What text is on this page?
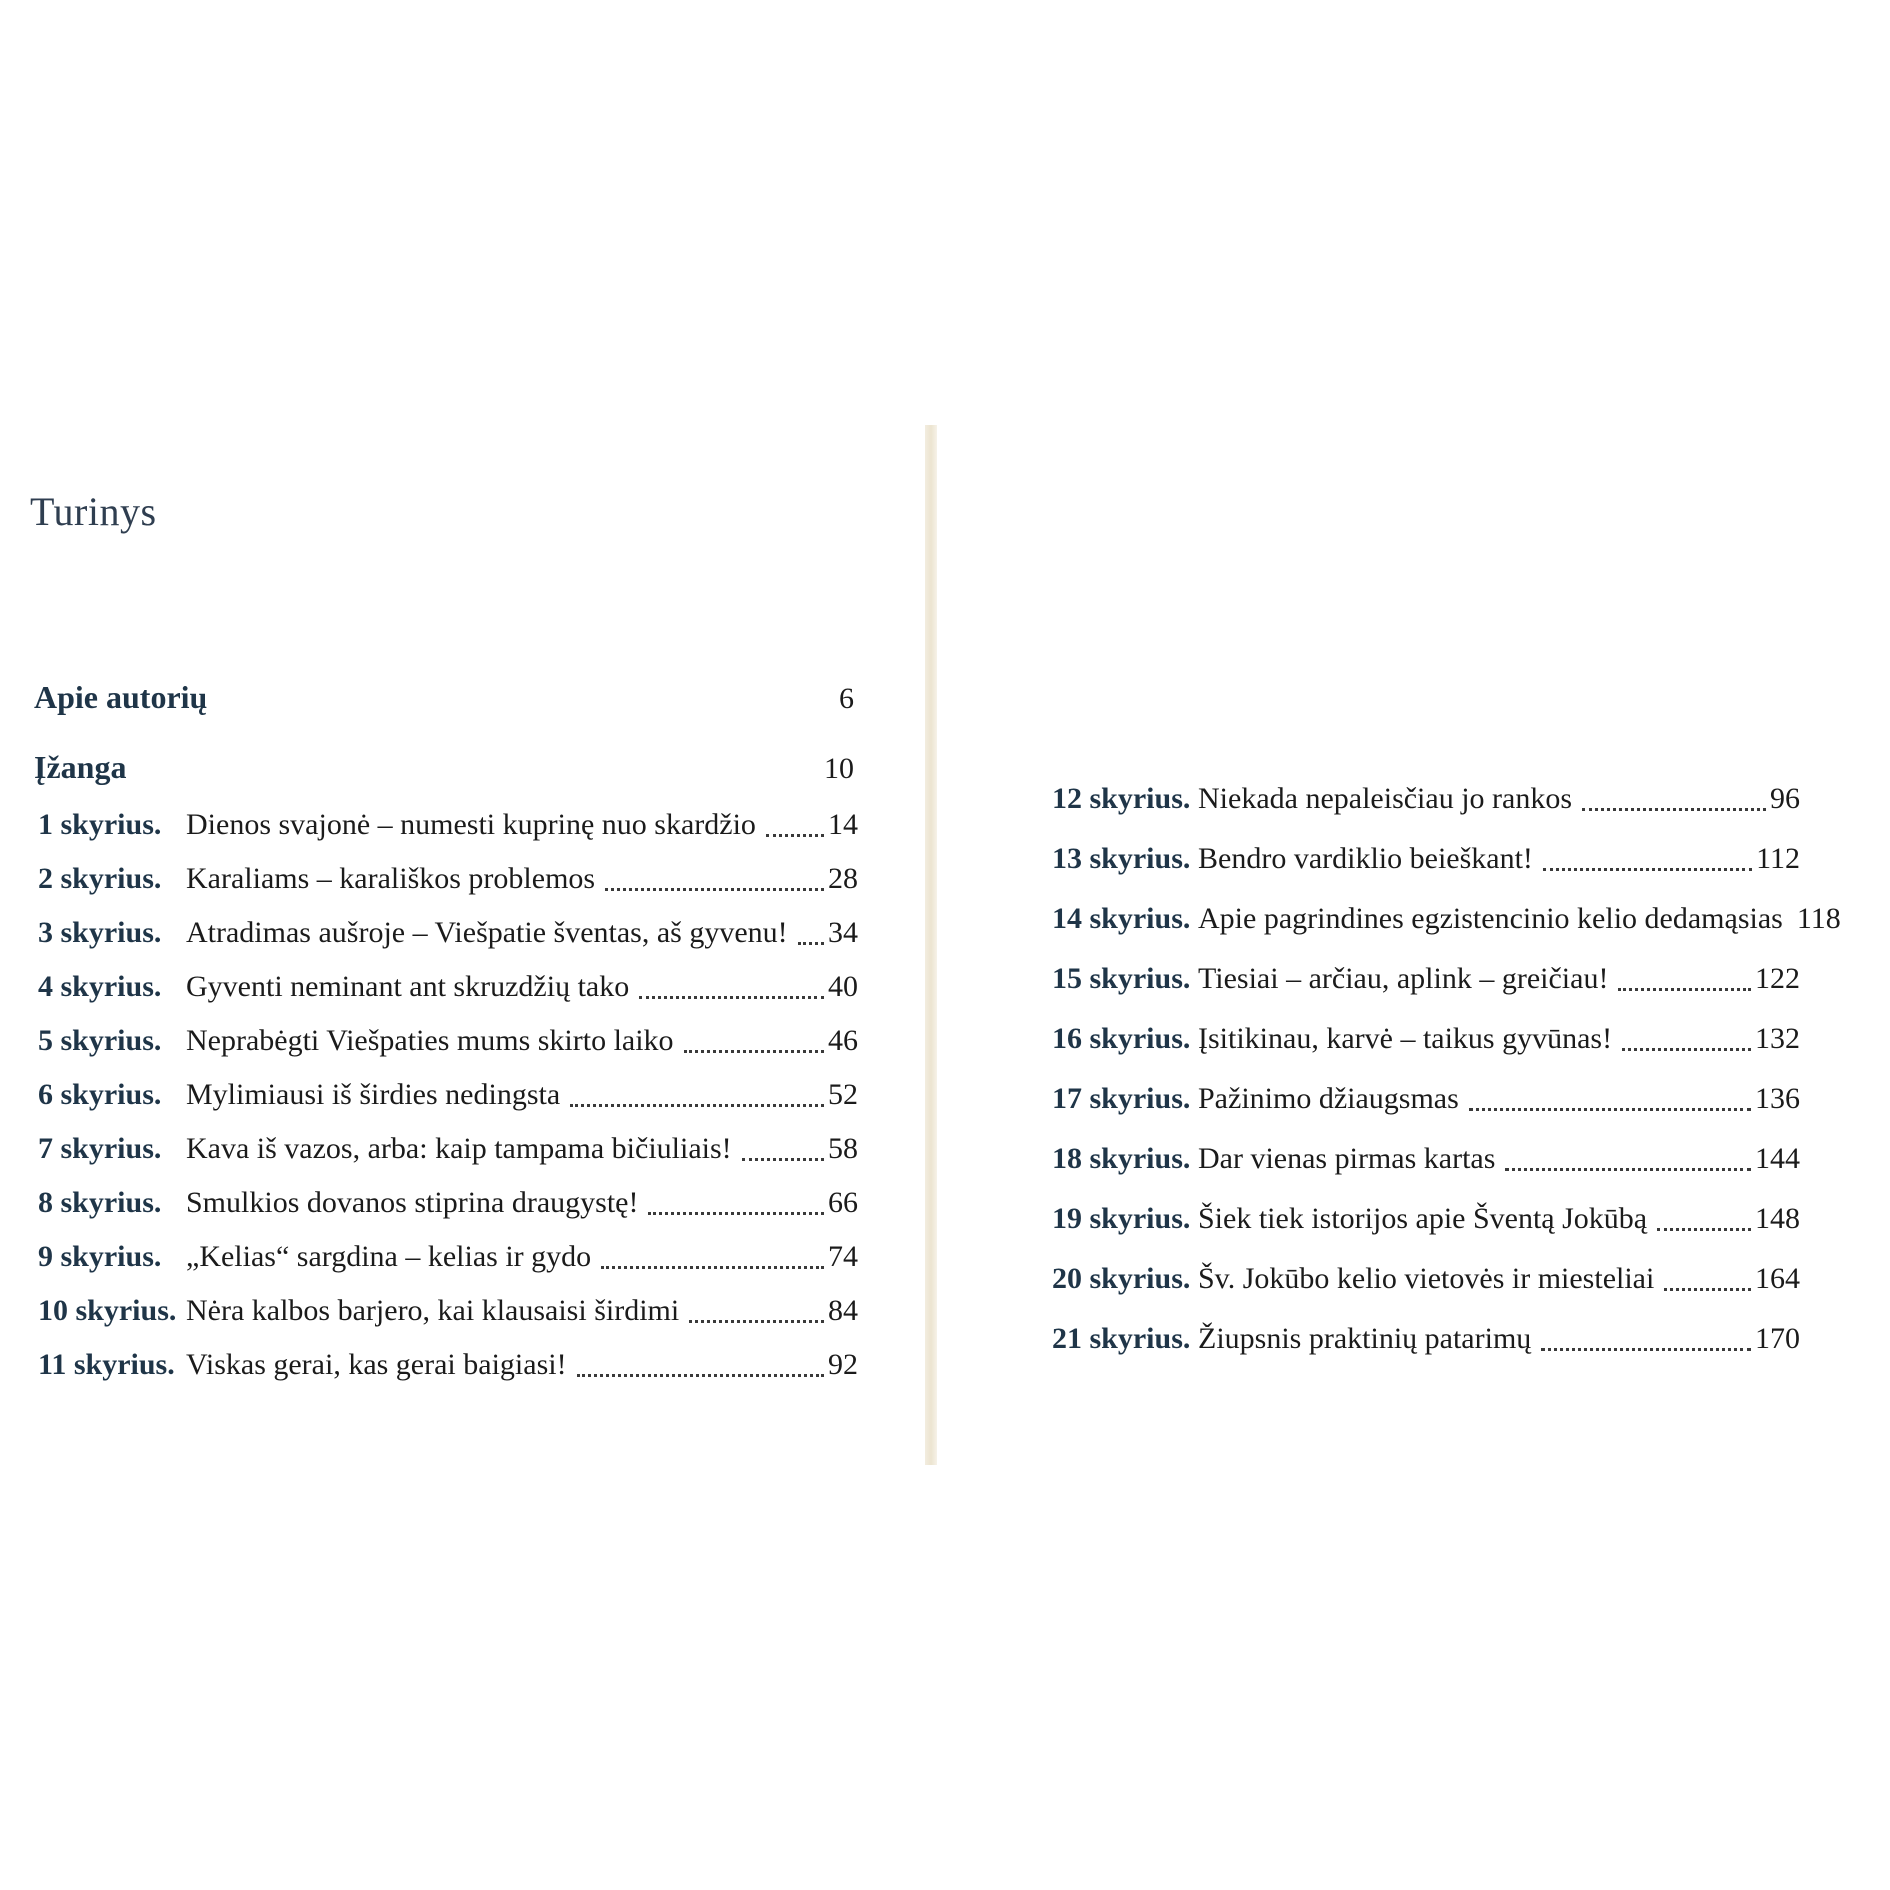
Turinys
Apie autorių	6
Įžanga	10
1 skyrius. Dienos svajonė – numesti kuprinę nuo skardžio 14
2 skyrius. Karaliams – karališkos problemos	28
3 skyrius. Atradimas aušroje – Viešpatie šventas, aš gyvenu! 34
4 skyrius. Gyventi neminant ant skruzdžių tako	40
5 skyrius. Neprabėgti Viešpaties mums skirto laiko	46
6 skyrius. Mylimiausi iš širdies nedingsta	52
7 skyrius. Kava iš vazos, arba: kaip tampama bičiuliais!	58
8 skyrius. Smulkios dovanos stiprina draugystę!	66
9 skyrius. „Kelias“ sargdina – kelias ir gydo	74
10 skyrius. Nėra kalbos barjero, kai klausaisi širdimi	84
11 skyrius. Viskas gerai, kas gerai baigiasi!	92
12 skyrius. Niekada nepaleisčiau jo rankos	96
13 skyrius. Bendro vardiklio beieškant!	112
14 skyrius. Apie pagrindines egzistencinio kelio dedamąsias 118
15 skyrius. Tiesiai – arčiau, aplink – greičiau!	122
16 skyrius. Įsitikinau, karvė – taikus gyvūnas!	132
17 skyrius. Pažinimo džiaugsmas	136
18 skyrius. Dar vienas pirmas kartas	144
19 skyrius. Šiek tiek istorijos apie Šventą Jokūbą	148
20 skyrius. Šv. Jokūbo kelio vietovės ir miesteliai	164
21 skyrius. Žiupsnis praktinių patarimų	170
